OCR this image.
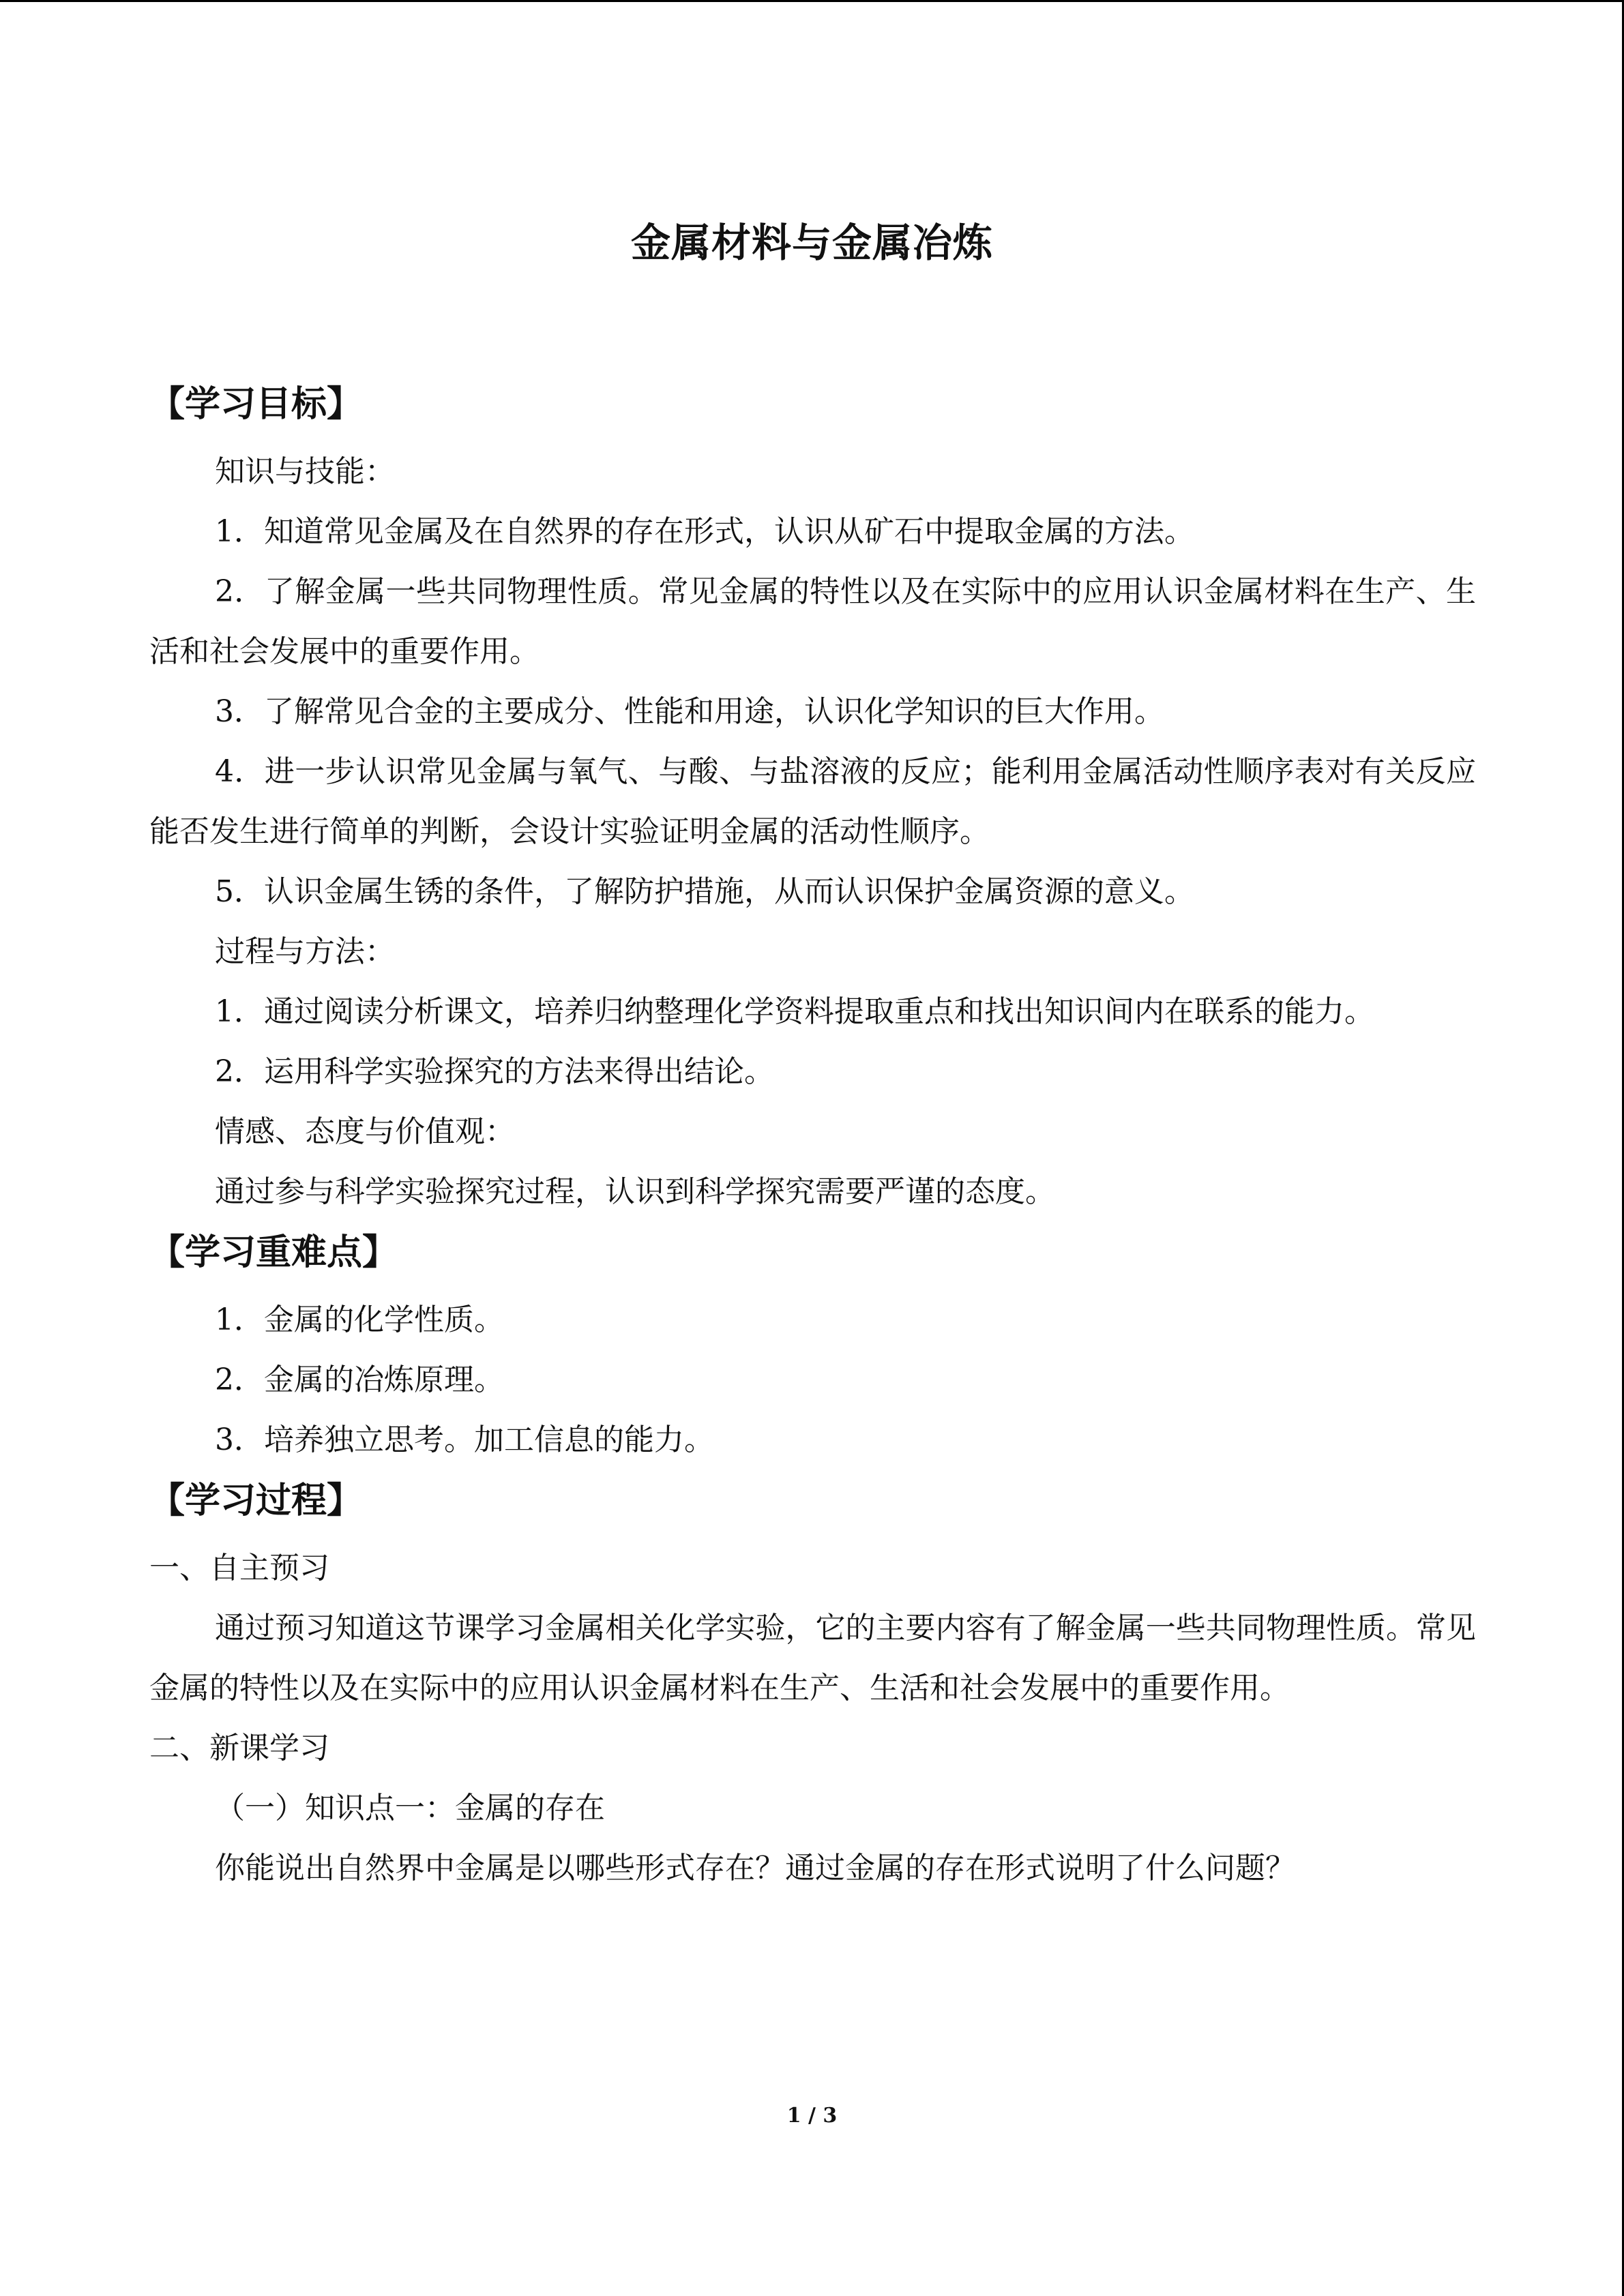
金属材料与金属冶炼
【学习目标】

知识与技能：

1．知道常见金属及在自然界的存在形式，认识从矿石中提取金属的方法。

2．了解金属一些共同物理性质。常见金属的特性以及在实际中的应用认识金属材料在生产、生活和社会发展中的重要作用。

3．了解常见合金的主要成分、性能和用途，认识化学知识的巨大作用。

4．进一步认识常见金属与氧气、与酸、与盐溶液的反应；能利用金属活动性顺序表对有关反应能否发生进行简单的判断，会设计实验证明金属的活动性顺序。

5．认识金属生锈的条件，了解防护措施，从而认识保护金属资源的意义。

过程与方法：

1．通过阅读分析课文，培养归纳整理化学资料提取重点和找出知识间内在联系的能力。

2．运用科学实验探究的方法来得出结论。

情感、态度与价值观：

通过参与科学实验探究过程，认识到科学探究需要严谨的态度。

【学习重难点】

1．金属的化学性质。

2．金属的冶炼原理。

3．培养独立思考。加工信息的能力。

【学习过程】

一、自主预习

通过预习知道这节课学习金属相关化学实验，它的主要内容有了解金属一些共同物理性质。常见金属的特性以及在实际中的应用认识金属材料在生产、生活和社会发展中的重要作用。

二、新课学习

（一）知识点一：金属的存在

你能说出自然界中金属是以哪些形式存在？通过金属的存在形式说明了什么问题？

1 / 3
